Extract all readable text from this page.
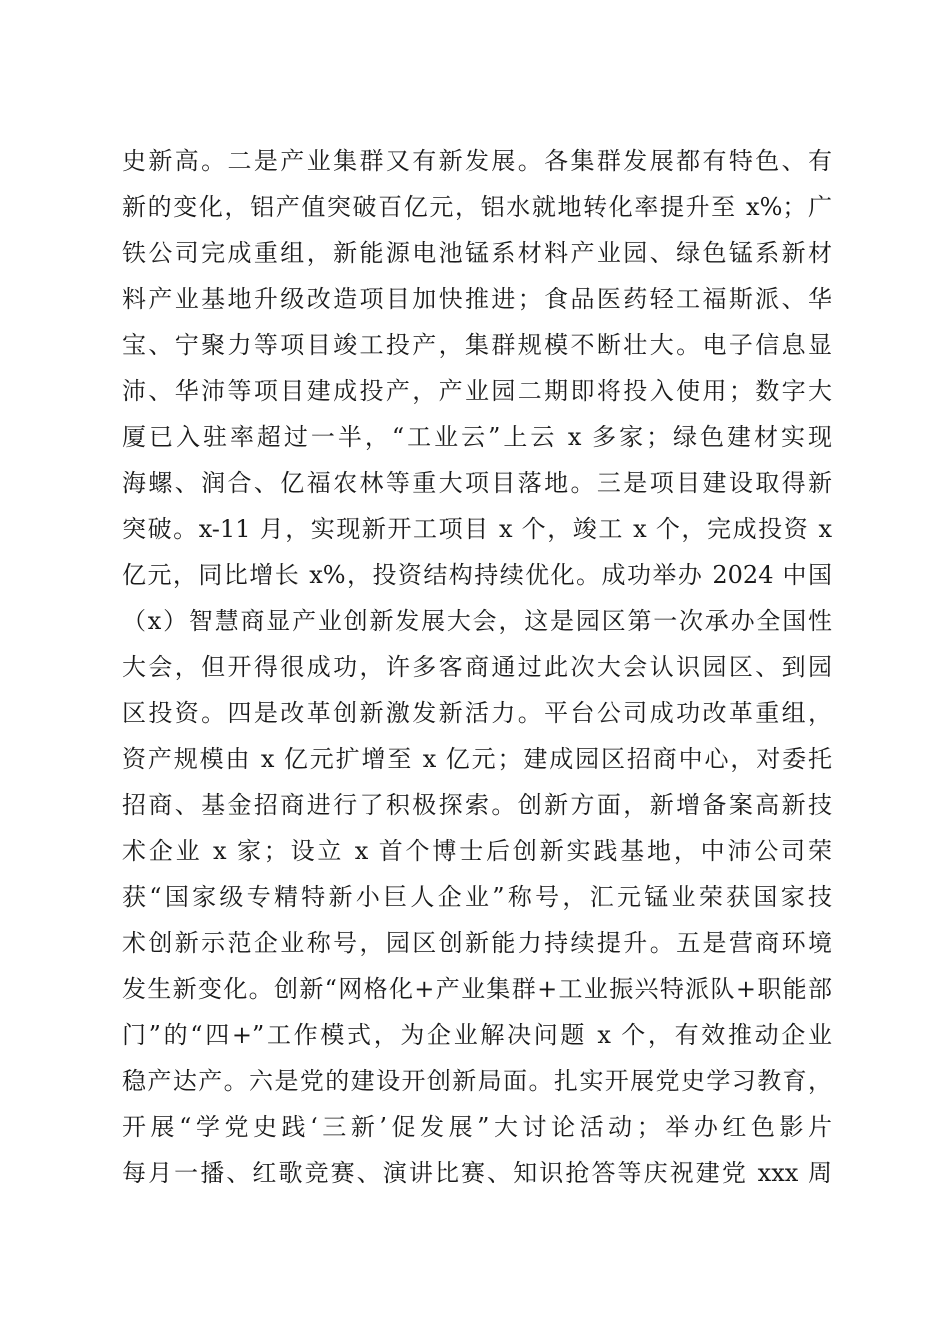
史新高。二是产业集群又有新发展。各集群发展都有特色、有
新的变化，铝产值突破百亿元，铝水就地转化率提升至 x%；广
铁公司完成重组，新能源电池锰系材料产业园、绿色锰系新材
料产业基地升级改造项目加快推进；食品医药轻工福斯派、华
宝、宁聚力等项目竣工投产，集群规模不断壮大。电子信息显
沛、华沛等项目建成投产，产业园二期即将投入使用；数字大
厦已入驻率超过一半，“工业云”上云 x 多家；绿色建材实现
海螺、润合、亿福农林等重大项目落地。三是项目建设取得新
突破。x-11 月，实现新开工项目 x 个，竣工 x 个，完成投资 x
亿元，同比增长 x%，投资结构持续优化。成功举办 2024 中国
（x）智慧商显产业创新发展大会，这是园区第一次承办全国性
大会，但开得很成功，许多客商通过此次大会认识园区、到园
区投资。四是改革创新激发新活力。平台公司成功改革重组，
资产规模由 x 亿元扩增至 x 亿元；建成园区招商中心，对委托
招商、基金招商进行了积极探索。创新方面，新增备案高新技
术企业 x 家；设立 x 首个博士后创新实践基地，中沛公司荣
获“国家级专精特新小巨人企业”称号，汇元锰业荣获国家技
术创新示范企业称号，园区创新能力持续提升。五是营商环境
发生新变化。创新“网格化+产业集群+工业振兴特派队+职能部
门”的“四+”工作模式，为企业解决问题 x 个，有效推动企业
稳产达产。六是党的建设开创新局面。扎实开展党史学习教育，
开展“学党史践‘三新’促发展”大讨论活动；举办红色影片
每月一播、红歌竞赛、演讲比赛、知识抢答等庆祝建党 xxx 周
